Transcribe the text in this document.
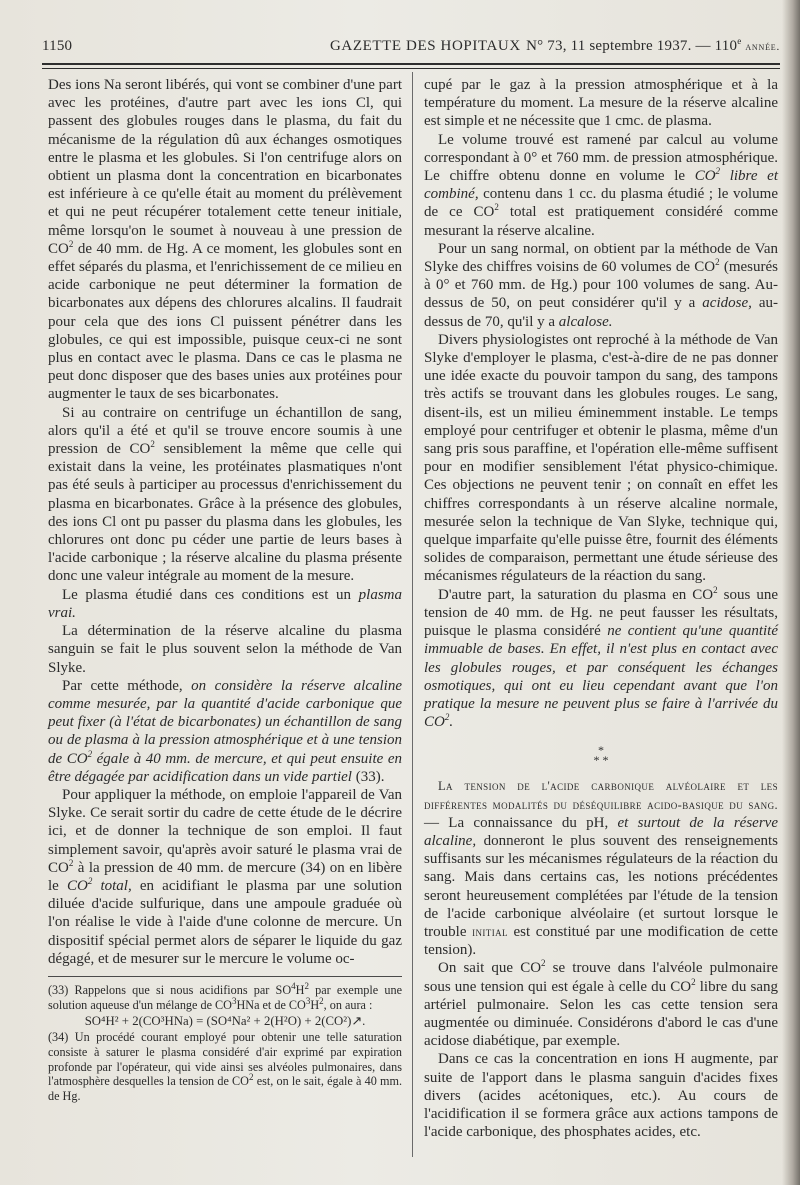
1150	GAZETTE DES HOPITAUX N° 73, 11 septembre 1937. — 110e année.

Des ions Na seront libérés, qui vont se combiner d'une part avec les protéines, d'autre part avec les ions Cl, qui passent des globules rouges dans le plasma, du fait du mécanisme de la régulation dû aux échanges osmotiques entre le plasma et les globules. Si l'on centrifuge alors on obtient un plasma dont la concentration en bicarbonates est inférieure à ce qu'elle était au moment du prélèvement et qui ne peut récupérer totalement cette teneur initiale, même lorsqu'on le soumet à nouveau à une pression de $CO^2$ de 40 mm. de Hg. A ce moment, les globules sont en effet séparés du plasma, et l'enrichissement de ce milieu en acide carbonique ne peut déterminer la formation de bicarbonates aux dépens des chlorures alcalins. Il faudrait pour cela que des ions Cl puissent pénétrer dans les globules, ce qui est impossible, puisque ceux-ci ne sont plus en contact avec le plasma. Dans ce cas le plasma ne peut donc disposer que des bases unies aux protéines pour augmenter le taux de ses bicarbonates.

Si au contraire on centrifuge un échantillon de sang, alors qu'il a été et qu'il se trouve encore soumis à une pression de $CO^2$ sensiblement la même que celle qui existait dans la veine, les protéinates plasmatiques n'ont pas été seuls à participer au processus d'enrichissement du plasma en bicarbonates. Grâce à la présence des globules, des ions Cl ont pu passer du plasma dans les globules, les chlorures ont donc pu céder une partie de leurs bases à l'acide carbonique ; la réserve alcaline du plasma présente donc une valeur intégrale au moment de la mesure.

Le plasma étudié dans ces conditions est un plasma vrai.

La détermination de la réserve alcaline du plasma sanguin se fait le plus souvent selon la méthode de Van Slyke.

Par cette méthode, on considère la réserve alcaline comme mesurée, par la quantité d'acide carbonique que peut fixer (à l'état de bicarbonates) un échantillon de sang ou de plasma à la pression atmosphérique et à une tension de $CO^2$ égale à 40 mm. de mercure, et qui peut ensuite en être dégagée par acidification dans un vide partiel (33).

Pour appliquer la méthode, on emploie l'appareil de Van Slyke. Ce serait sortir du cadre de cette étude de le décrire ici, et de donner la technique de son emploi. Il faut simplement savoir, qu'après avoir saturé le plasma vrai de $CO^2$ à la pression de 40 mm. de mercure (34) on en libère le $CO^2$ total, en acidifiant le plasma par une solution diluée d'acide sulfurique, dans une ampoule graduée où l'on réalise le vide à l'aide d'une colonne de mercure. Un dispositif spécial permet alors de séparer le liquide du gaz dégagé, et de mesurer sur le mercure le volume oc-

(33) Rappelons que si nous acidifions par $SO^4H^2$ par exemple une solution aqueuse d'un mélange de $CO^3HNa$ et de $CO^3H^2$, on aura :

SO⁴H² + 2(CO³HNa) = (SO⁴Na² + 2(H²O) + 2(CO²)↗.

(34) Un procédé courant employé pour obtenir une telle saturation consiste à saturer le plasma considéré d'air exprimé par expiration profonde par l'opérateur, qui vide ainsi ses alvéoles pulmonaires, dans l'atmosphère desquelles la tension de $CO^2$ est, on le sait, égale à 40 mm. de Hg.

cupé par le gaz à la pression atmosphérique et à la température du moment. La mesure de la réserve alcaline est simple et ne nécessite que 1 cmc. de plasma.

Le volume trouvé est ramené par calcul au volume correspondant à 0° et 760 mm. de pression atmosphérique. Le chiffre obtenu donne en volume le $CO^2$ libre et combiné, contenu dans 1 cc. du plasma étudié ; le volume de ce $CO^2$ total est pratiquement considéré comme mesurant la réserve alcaline.

Pour un sang normal, on obtient par la méthode de Van Slyke des chiffres voisins de 60 volumes de $CO^2$ (mesurés à 0° et 760 mm. de Hg.) pour 100 volumes de sang. Au-dessus de 50, on peut considérer qu'il y a acidose, au-dessus de 70, qu'il y a alcalose.

Divers physiologistes ont reproché à la méthode de Van Slyke d'employer le plasma, c'est-à-dire de ne pas donner une idée exacte du pouvoir tampon du sang, des tampons très actifs se trouvant dans les globules rouges. Le sang, disent-ils, est un milieu éminemment instable. Le temps employé pour centrifuger et obtenir le plasma, même d'un sang pris sous paraffine, et l'opération elle-même suffisent pour en modifier sensiblement l'état physico-chimique. Ces objections ne peuvent tenir ; on connaît en effet les chiffres correspondants à un réserve alcaline normale, mesurée selon la technique de Van Slyke, technique qui, quelque imparfaite qu'elle puisse être, fournit des éléments solides de comparaison, permettant une étude sérieuse des mécanismes régulateurs de la réaction du sang.

D'autre part, la saturation du plasma en $CO^2$ sous une tension de 40 mm. de Hg. ne peut fausser les résultats, puisque le plasma considéré ne contient qu'une quantité immuable de bases. En effet, il n'est plus en contact avec les globules rouges, et par conséquent les échanges osmotiques, qui ont eu lieu cependant avant que l'on pratique la mesure ne peuvent plus se faire à l'arrivée du $CO^2$.

*
* *

La tension de l'acide carbonique alvéolaire et les différentes modalités du déséquilibre acido-basique du sang. — La connaissance du pH, et surtout de la réserve alcaline, donneront le plus souvent des renseignements suffisants sur les mécanismes régulateurs de la réaction du sang. Mais dans certains cas, les notions précédentes seront heureusement complétées par l'étude de la tension de l'acide carbonique alvéolaire (et surtout lorsque le trouble initial est constitué par une modification de cette tension).

On sait que $CO^2$ se trouve dans l'alvéole pulmonaire sous une tension qui est égale à celle du $CO^2$ libre du sang artériel pulmonaire. Selon les cas cette tension sera augmentée ou diminuée. Considérons d'abord le cas d'une acidose diabétique, par exemple.

Dans ce cas la concentration en ions H augmente, par suite de l'apport dans le plasma sanguin d'acides fixes divers (acides acétoniques, etc.). Au cours de l'acidification il se formera grâce aux actions tampons de l'acide carbonique, des phosphates acides, etc.
